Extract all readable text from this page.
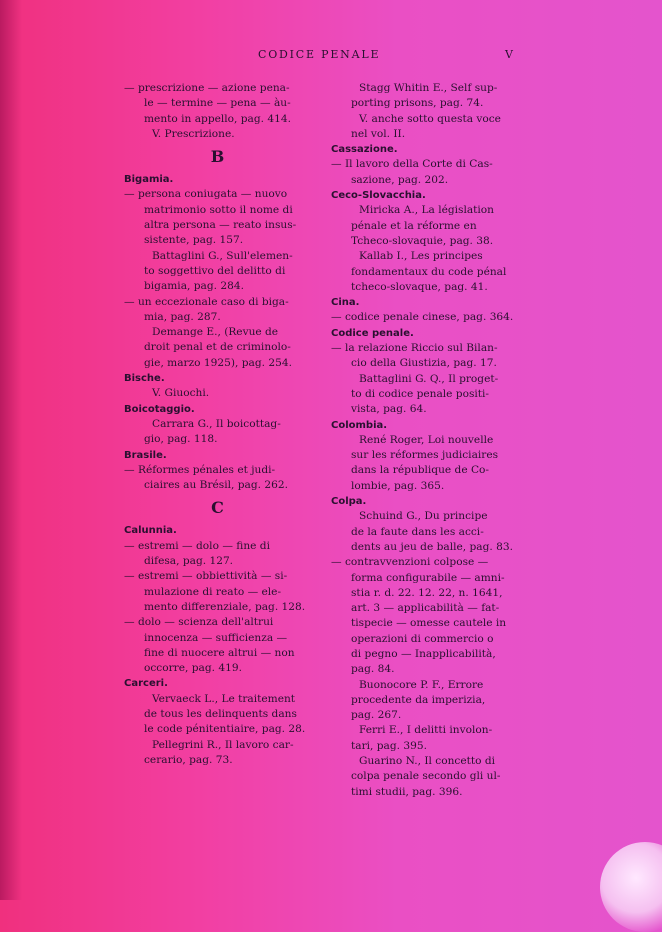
CODICE PENALE	V
— prescrizione — azione pena-
le — termine — pena — àu-
mento in appello, pag. 414.
V. Prescrizione.
B
Bigamia.
— persona coniugata — nuovo
matrimonio sotto il nome di
altra persona — reato insus-
sistente, pag. 157.
Battaglini G., Sull'elemen-
to soggettivo del delitto di
bigamia, pag. 284.
— un eccezionale caso di biga-
mia, pag. 287.
Demange E., (Revue de
droit penal et de criminolo-
gie, marzo 1925), pag. 254.
Bische.
V. Giuochi.
Boicotaggio.
Carrara G., Il boicottag-
gio, pag. 118.
Brasile.
— Réformes pénales et judi-
ciaires au Brésil, pag. 262.
C
Calunnia.
— estremi — dolo — fine di
difesa, pag. 127.
— estremi — obbiettività — si-
mulazione di reato — ele-
mento differenziale, pag. 128.
— dolo — scienza dell'altrui
innocenza — sufficienza —
fine di nuocere altrui — non
occorre, pag. 419.
Carceri.
Vervaeck L., Le traitement
de tous les delinquents dans
le code pénitentiaire, pag. 28.
Pellegrini R., Il lavoro car-
cerario, pag. 73.
Stagg Whitin E., Self sup-
porting prisons, pag. 74.
V. anche sotto questa voce
nel vol. II.
Cassazione.
— Il lavoro della Corte di Cas-
sazione, pag. 202.
Ceco-Slovacchia.
Miricka A., La législation
pénale et la réforme en
Tcheco-slovaquie, pag. 38.
Kallab I., Les principes
fondamentaux du code pénal
tcheco-slovaque, pag. 41.
Cina.
— codice penale cinese, pag. 364.
Codice penale.
— la relazione Riccio sul Bilan-
cio della Giustizia, pag. 17.
Battaglini G. Q., Il proget-
to di codice penale positi-
vista, pag. 64.
Colombia.
René Roger, Loi nouvelle
sur les réformes judiciaires
dans la république de Co-
lombie, pag. 365.
Colpa.
Schuind G., Du principe
de la faute dans les acci-
dents au jeu de balle, pag. 83.
— contravvenzioni colpose —
forma configurabile — amni-
stia r. d. 22. 12. 22, n. 1641,
art. 3 — applicabilità — fat-
tispecie — omesse cautele in
operazioni di commercio o
di pegno — Inapplicabilità,
pag. 84.
Buonocore P. F., Errore
procedente da imperizia,
pag. 267.
Ferri E., I delitti involon-
tari, pag. 395.
Guarino N., Il concetto di
colpa penale secondo gli ul-
timi studii, pag. 396.
